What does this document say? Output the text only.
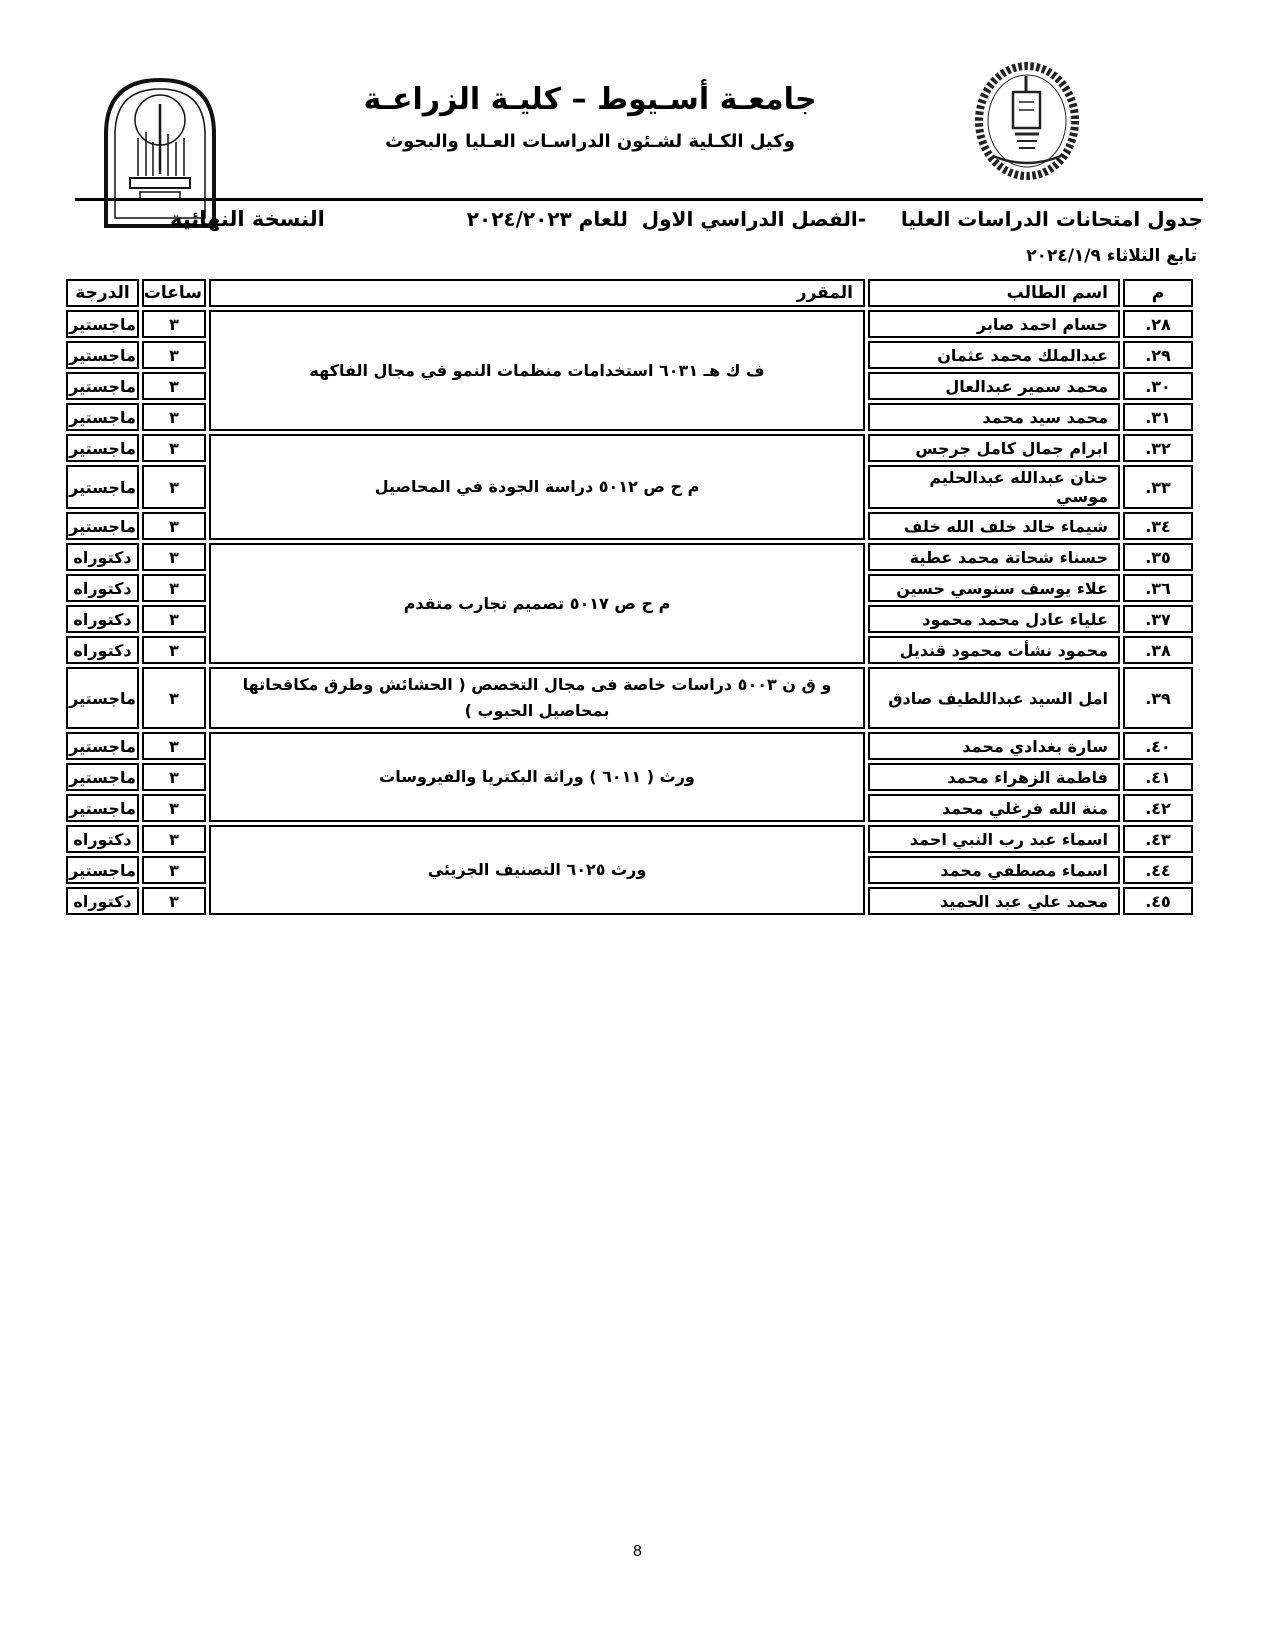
جامعـة أسـيوط – كليـة الزراعـة
وكيل الكـلية لشـئون الدراسـات العـليا والبحوث
جدول امتحانات الدراسات العليا     -الفصل الدراسي الاول  للعام ٢٠٢٤/٢٠٢٣
النسخة النهائية
تابع الثلاثاء ٢٠٢٤/١/٩
م	اسم الطالب	المقرر	ساعات	الدرجة
٢٨.	حسام احمد صابر	ف ك هـ ٦٠٣١ استخدامات منظمات النمو في مجال الفاكهه	٣	ماجستير
٢٩.	عبدالملك محمد عثمان		٣	ماجستير
٣٠.	محمد سمير عبدالعال		٣	ماجستير
٣١.	محمد سيد محمد		٣	ماجستير
٣٢.	ابرام جمال كامل جرجس	م ح ص ٥٠١٢ دراسة الجودة في المحاصيل	٣	ماجستير
٣٣.	حنان عبدالله عبدالحليم موسي		٣	ماجستير
٣٤.	شيماء خالد خلف الله خلف		٣	ماجستير
٣٥.	حسناء شحاتة محمد عطية	م ح ص ٥٠١٧ تصميم تجارب متقدم	٣	دكتوراه
٣٦.	علاء يوسف سنوسي حسين		٣	دكتوراه
٣٧.	علياء عادل محمد محمود		٣	دكتوراه
٣٨.	محمود نشأت محمود قنديل		٣	دكتوراه
٣٩.	امل السيد عبداللطيف صادق	و ق ن ٥٠٠٣ دراسات خاصة فى مجال التخصص ( الحشائش وطرق مكافحاتها بمحاصيل الحبوب )	٣	ماجستير
٤٠.	سارة بغدادي محمد	ورث ( ٦٠١١ ) وراثة البكتريا والفيروسات	٣	ماجستير
٤١.	فاطمة الزهراء محمد		٣	ماجستير
٤٢.	منة الله فرغلي محمد		٣	ماجستير
٤٣.	اسماء عبد رب النبي احمد	ورث ٦٠٢٥ التصنيف الجزيئي	٣	دكتوراه
٤٤.	اسماء مصطفي محمد		٣	ماجستير
٤٥.	محمد علي عبد الحميد		٣	دكتوراه
8
